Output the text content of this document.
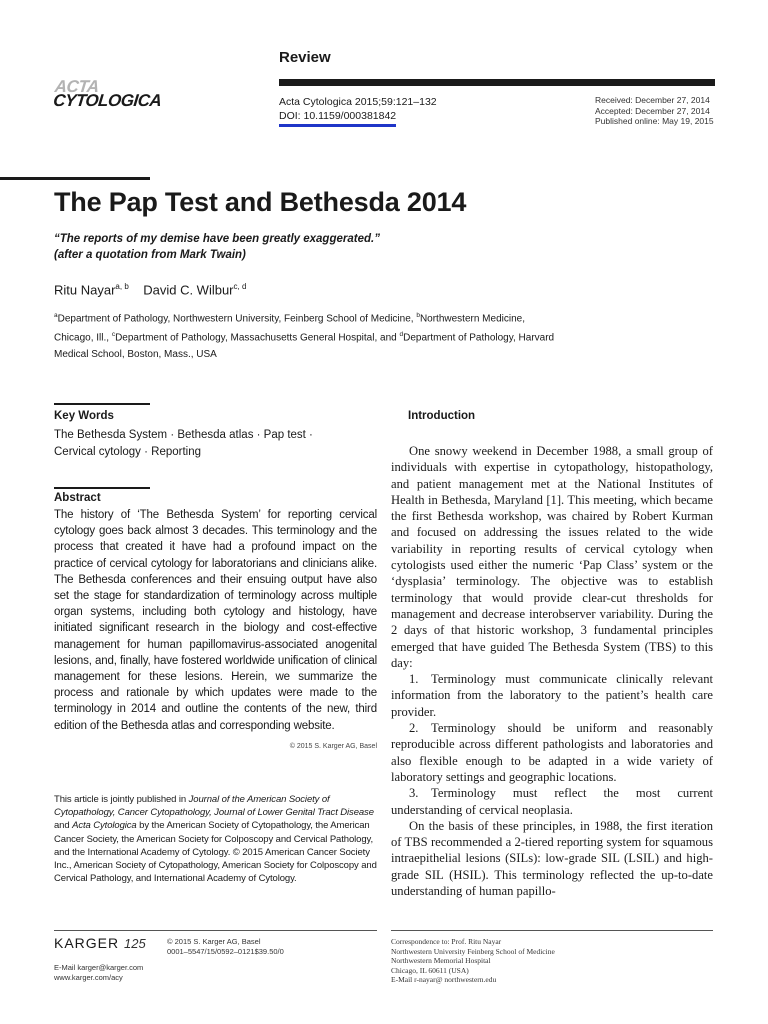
Review
ACTA
CYTOLOGICA	Acta Cytologica 2015;59:121–132
DOI: 10.1159/000381842
Received: December 27, 2014
Accepted: December 27, 2014
Published online: May 19, 2015
The Pap Test and Bethesda 2014
“The reports of my demise have been greatly exaggerated.”
(after a quotation from Mark Twain)
Ritu Nayar$^{a, b}$ David C. Wilbur$^{c, d}$
$^a$Department of Pathology, Northwestern University, Feinberg School of Medicine, $^b$Northwestern Medicine,
Chicago, Ill., $^c$Department of Pathology, Massachusetts General Hospital, and $^d$Department of Pathology, Harvard
Medical School, Boston, Mass., USA
Key Words
The Bethesda System · Bethesda atlas · Pap test ·
Cervical cytology · Reporting
Abstract
The history of ‘The Bethesda System’ for reporting cervical cytology goes back almost 3 decades. This terminology and the process that created it have had a profound impact on the practice of cervical cytology for laboratorians and clinicians alike. The Bethesda conferences and their ensuing output have also set the stage for standardization of terminology across multiple organ systems, including both cytology and histology, have initiated significant research in the biology and cost-effective management for human papillomavirus-associated anogenital lesions, and, finally, have fostered worldwide unification of clinical management for these lesions. Herein, we summarize the process and rationale by which updates were made to the terminology in 2014 and outline the contents of the new, third edition of the Bethesda atlas and corresponding website.
© 2015 S. Karger AG, Basel
This article is jointly published in Journal of the American Society of Cytopathology, Cancer Cytopathology, Journal of Lower Genital Tract Disease and Acta Cytologica by the American Society of Cytopathology, the American Cancer Society, the American Society for Colposcopy and Cervical Pathology, and the International Academy of Cytology. © 2015 American Cancer Society Inc., American Society of Cytopathology, American Society for Colposcopy and Cervical Pathology, and International Academy of Cytology.
Introduction

One snowy weekend in December 1988, a small group of individuals with expertise in cytopathology, histopathology, and patient management met at the National Institutes of Health in Bethesda, Maryland [1]. This meeting, which became the first Bethesda workshop, was chaired by Robert Kurman and focused on addressing the issues related to the wide variability in reporting results of cervical cytology when cytologists used either the numeric ‘Pap Class’ system or the ‘dysplasia’ terminology. The objective was to establish terminology that would provide clear-cut thresholds for management and decrease interobserver variability. During the 2 days of that historic workshop, 3 fundamental principles emerged that have guided The Bethesda System (TBS) to this day:

1. Terminology must communicate clinically relevant information from the laboratory to the patient’s health care provider.

2. Terminology should be uniform and reasonably reproducible across different pathologists and laboratories and also flexible enough to be adapted in a wide variety of laboratory settings and geographic locations.

3. Terminology must reflect the most current understanding of cervical neoplasia.

On the basis of these principles, in 1988, the first iteration of TBS recommended a 2-tiered reporting system for squamous intraepithelial lesions (SILs): low-grade SIL (LSIL) and high-grade SIL (HSIL). This terminology reflected the up-to-date understanding of human papillo-

KARGER 125	© 2015 S. Karger AG, Basel
0001–5547/15/0592–0121$39.50/0
E-Mail karger@karger.com
www.karger.com/acy
Correspondence to: Prof. Ritu Nayar
Northwestern University Feinberg School of Medicine
Northwestern Memorial Hospital
Chicago, IL 60611 (USA)
E-Mail r-nayar@ northwestern.edu
